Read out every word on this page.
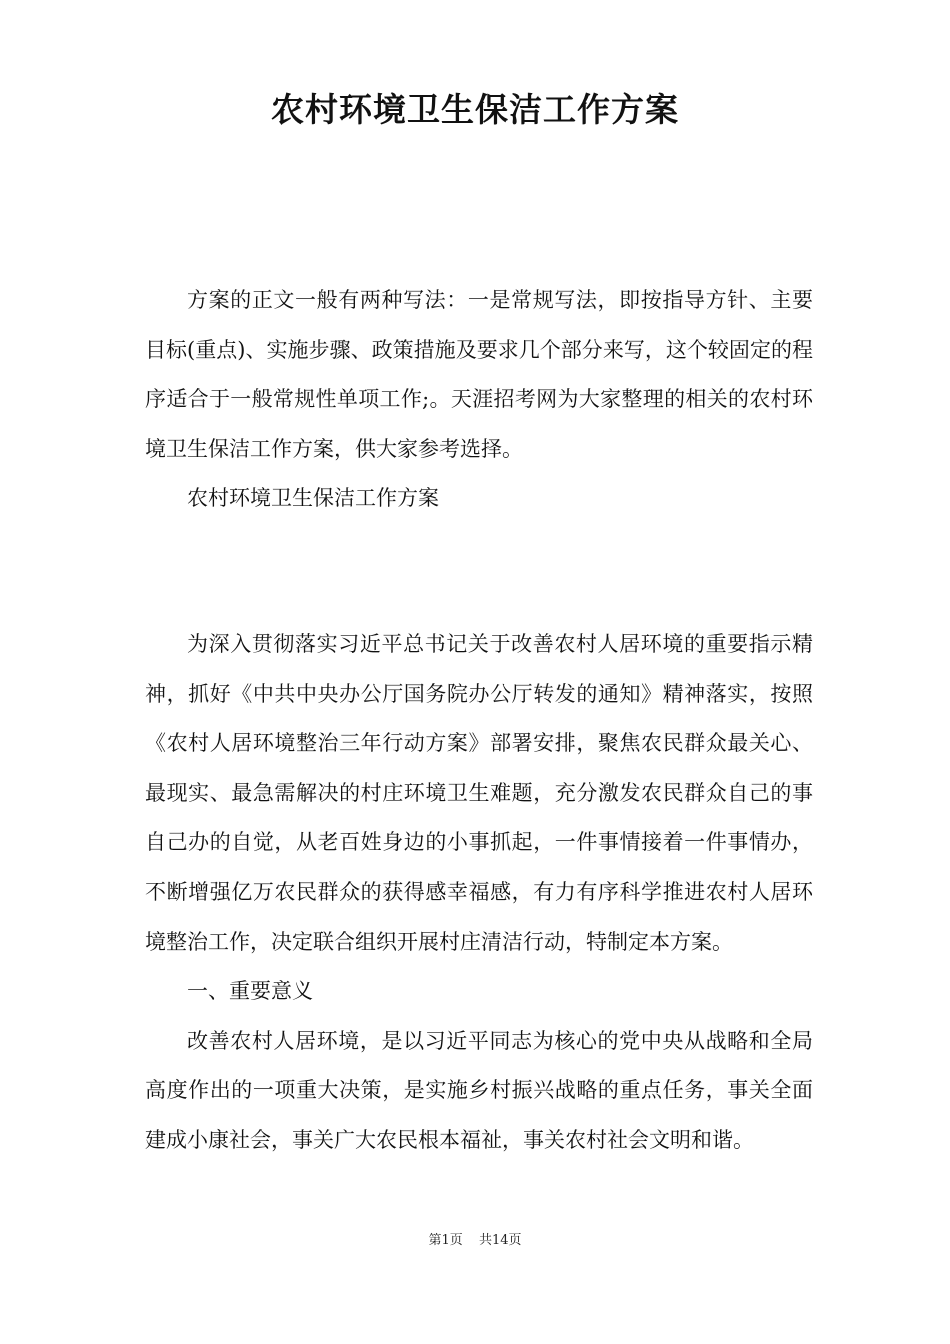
农村环境卫生保洁工作方案

方案的正文一般有两种写法：一是常规写法，即按指导方针、主要目标(重点)、实施步骤、政策措施及要求几个部分来写，这个较固定的程序适合于一般常规性单项工作;。天涯招考网为大家整理的相关的农村环境卫生保洁工作方案，供大家参考选择。

农村环境卫生保洁工作方案

为深入贯彻落实习近平总书记关于改善农村人居环境的重要指示精神，抓好《中共中央办公厅国务院办公厅转发的通知》精神落实，按照《农村人居环境整治三年行动方案》部署安排，聚焦农民群众最关心、最现实、最急需解决的村庄环境卫生难题，充分激发农民群众自己的事自己办的自觉，从老百姓身边的小事抓起，一件事情接着一件事情办，不断增强亿万农民群众的获得感幸福感，有力有序科学推进农村人居环境整治工作，决定联合组织开展村庄清洁行动，特制定本方案。

一、重要意义

改善农村人居环境，是以习近平同志为核心的党中央从战略和全局高度作出的一项重大决策，是实施乡村振兴战略的重点任务，事关全面建成小康社会，事关广大农民根本福祉，事关农村社会文明和谐。

第1页 共14页
